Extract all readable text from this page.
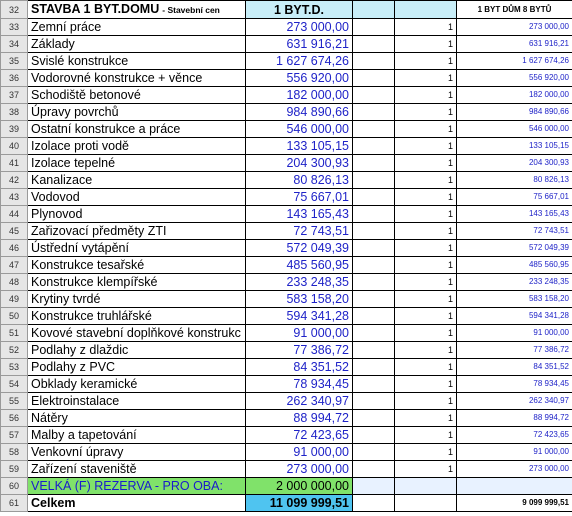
32	STAVBA 1 BYT.DOMU - Stavební cen	1 BYT.D.			1 BYT DŮM 8 BYTŮ
33	Zemní práce	273 000,00		1	273 000,00
34	Základy	631 916,21		1	631 916,21
35	Svislé konstrukce	1 627 674,26		1	1 627 674,26
36	Vodorovné konstrukce + věnce	556 920,00		1	556 920,00
37	Schodiště betonové	182 000,00		1	182 000,00
38	Úpravy povrchů	984 890,66		1	984 890,66
39	Ostatní konstrukce a práce	546 000,00		1	546 000,00
40	Izolace proti vodě	133 105,15		1	133 105,15
41	Izolace tepelné	204 300,93		1	204 300,93
42	Kanalizace	80 826,13		1	80 826,13
43	Vodovod	75 667,01		1	75 667,01
44	Plynovod	143 165,43		1	143 165,43
45	Zařizovací předměty ZTI	72 743,51		1	72 743,51
46	Ústřední vytápění	572 049,39		1	572 049,39
47	Konstrukce tesařské	485 560,95		1	485 560,95
48	Konstrukce klempířské	233 248,35		1	233 248,35
49	Krytiny tvrdé	583 158,20		1	583 158,20
50	Konstrukce truhlářské	594 341,28		1	594 341,28
51	Kovové stavební doplňkové konstrukc	91 000,00		1	91 000,00
52	Podlahy z dlaždic	77 386,72		1	77 386,72
53	Podlahy z PVC	84 351,52		1	84 351,52
54	Obklady keramické	78 934,45		1	78 934,45
55	Elektroinstalace	262 340,97		1	262 340,97
56	Nátěry	88 994,72		1	88 994,72
57	Malby a tapetování	72 423,65		1	72 423,65
58	Venkovní úpravy	91 000,00		1	91 000,00
59	Zařízení staveniště	273 000,00		1	273 000,00
60	VELKÁ (F) REZERVA - PRO OBA:	2 000 000,00			
61	Celkem	11 099 999,51			9 099 999,51
